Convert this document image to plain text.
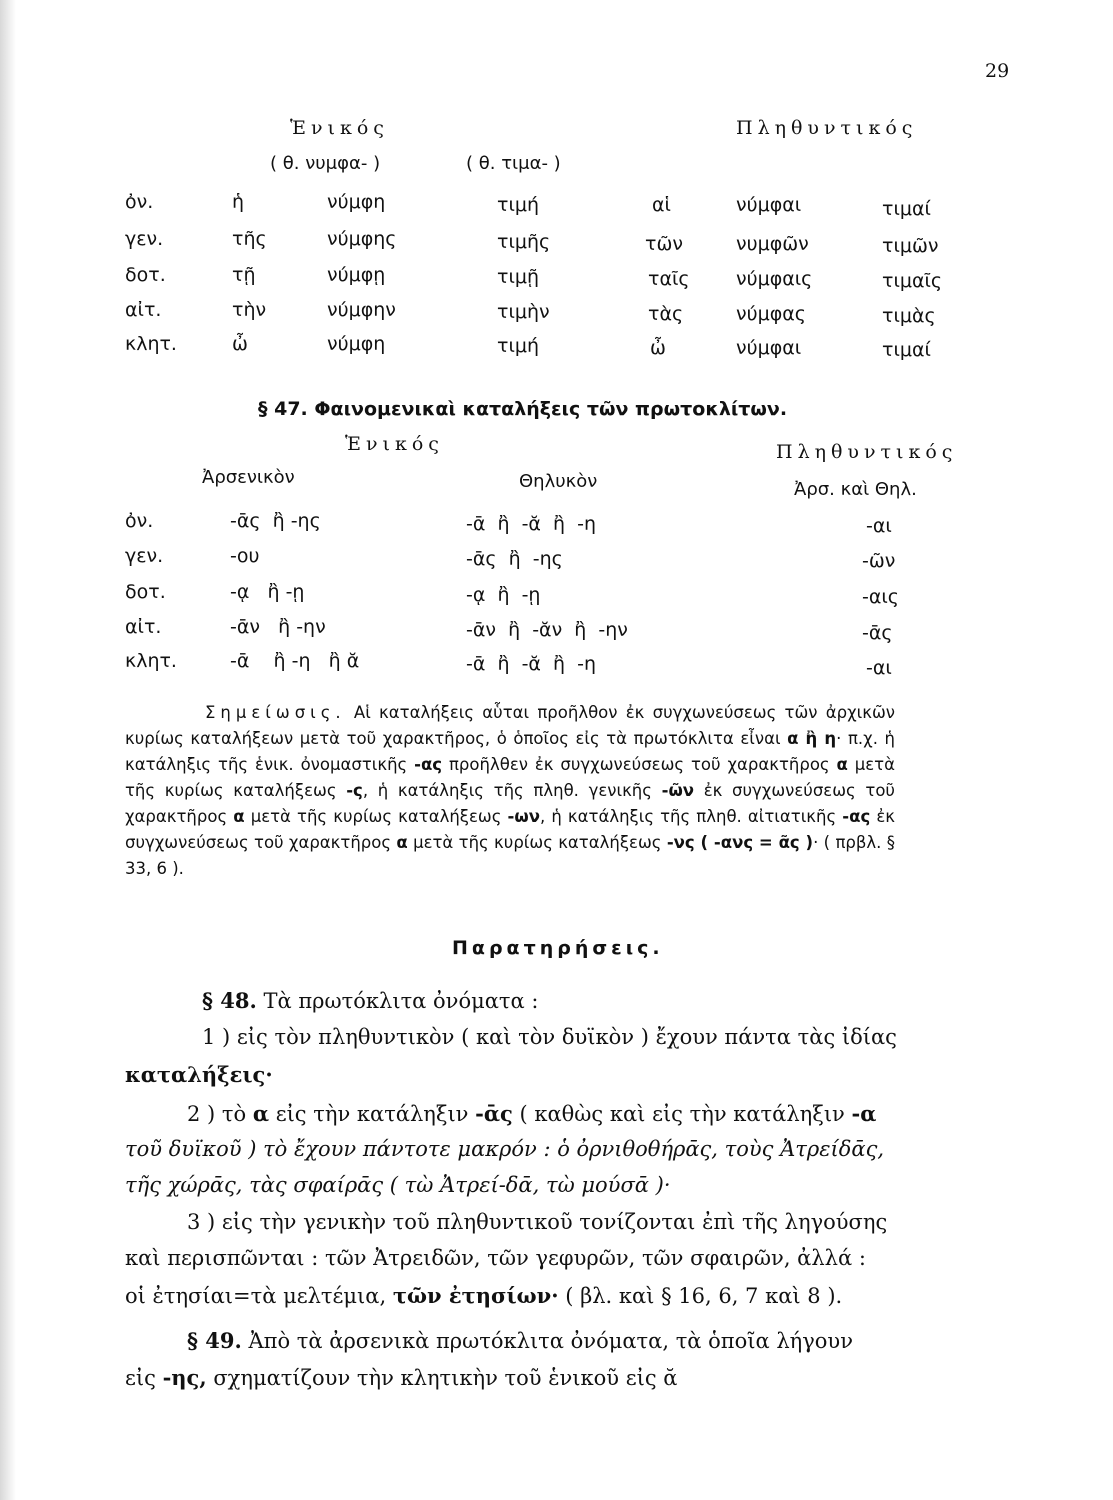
29
Ἑνικός	Πληθυντικός
( θ. νυμφα- )	( θ. τιμα- )
ὀν.	ἡ	νύμφη	τιμή	αἱ	νύμφαι	τιμαί
γεν.	τῆς	νύμφης	τιμῆς	τῶν	νυμφῶν	τιμῶν
δοτ.	τῇ	νύμφῃ	τιμῇ	ταῖς νύμφαις	τιμαῖς
αἰτ.	τὴν	νύμφην	τιμὴν	τὰς	νύμφας	τιμὰς
κλητ.	ὦ	νύμφη	τιμή	ὦ	νύμφαι	τιμαί
§ 47. Φαινομενικαὶ καταλήξεις τῶν πρωτοκλίτων.
Ἑνικός	Πληθυντικός
Ἀρσενικὸν	Θηλυκὸν	Ἀρσ. καὶ Θηλ.
ὀν.	-ᾱς  ἢ -ης	-ᾱ  ἢ  -ᾰ  ἢ  -η	-αι
γεν.	-ου	-ᾱς  ἢ  -ης	-ῶν
δοτ.	-ᾳ   ἢ -ῃ	-ᾳ  ἢ  -ῃ	-αις
αἰτ.	-ᾱν   ἢ -ην	-ᾱν  ἢ  -ᾰν  ἢ  -ην	-ᾱς
κλητ.	-ᾱ    ἢ -η   ἢ ᾰ	-ᾱ  ἢ  -ᾰ  ἢ  -η	-αι
Σημείωσις. Αἱ καταλήξεις αὗται προῆλθον ἐκ συγχωνεύσεως τῶν ἀρχικῶν κυρίως καταλήξεων μετὰ τοῦ χαρακτῆρος, ὁ ὁποῖος εἰς τὰ πρωτόκλιτα εἶναι α ἢ η· π.χ. ἡ κατάληξις τῆς ἑνικ. ὀνομαστικῆς -ας προῆλθεν ἐκ συγχωνεύσεως τοῦ χαρακτῆρος α μετὰ τῆς κυρίως καταλήξεως -ς, ἡ κατάληξις τῆς πληθ. γενικῆς -ῶν ἐκ συγχωνεύσεως τοῦ χαρακτῆρος α μετὰ τῆς κυρίως καταλήξεως -ων, ἡ κατάληξις τῆς πληθ. αἰτιατικῆς -ας ἐκ συγχωνεύσεως τοῦ χαρακτῆρος α μετὰ τῆς κυρίως καταλήξεως -νς ( -ανς = ᾶς )· ( πρβλ. § 33, 6 ).
Παρατηρήσεις.
§ 48. Τὰ πρωτόκλιτα ὀνόματα :
1 ) εἰς τὸν πληθυντικὸν ( καὶ τὸν δυϊκὸν ) ἔχουν πάντα τὰς ἰδίας
καταλήξεις·
2 ) τὸ α εἰς τὴν κατάληξιν -ᾱς ( καθὼς καὶ εἰς τὴν κατάληξιν -α
τοῦ δυϊκοῦ ) τὸ ἔχουν πάντοτε μακρόν : ὁ ὀρνιθοθήρᾱς, τοὺς Ἀτρείδᾱς,
τῆς χώρᾱς, τὰς σφαίρᾱς ( τὼ Ἀτρεί-δᾱ, τὼ μούσᾱ )·
3 ) εἰς τὴν γενικὴν τοῦ πληθυντικοῦ τονίζονται ἐπὶ τῆς ληγούσης
καὶ περισπῶνται : τῶν Ἀτρειδῶν, τῶν γεφυρῶν, τῶν σφαιρῶν, ἀλλά :
οἱ ἐτησίαι=τὰ μελτέμια, τῶν ἐτησίων· ( βλ. καὶ § 16, 6, 7 καὶ 8 ).
§ 49. Ἀπὸ τὰ ἀρσενικὰ πρωτόκλιτα ὀνόματα, τὰ ὁποῖα λήγουν
εἰς -ης, σχηματίζουν τὴν κλητικὴν τοῦ ἑνικοῦ εἰς ᾰ
